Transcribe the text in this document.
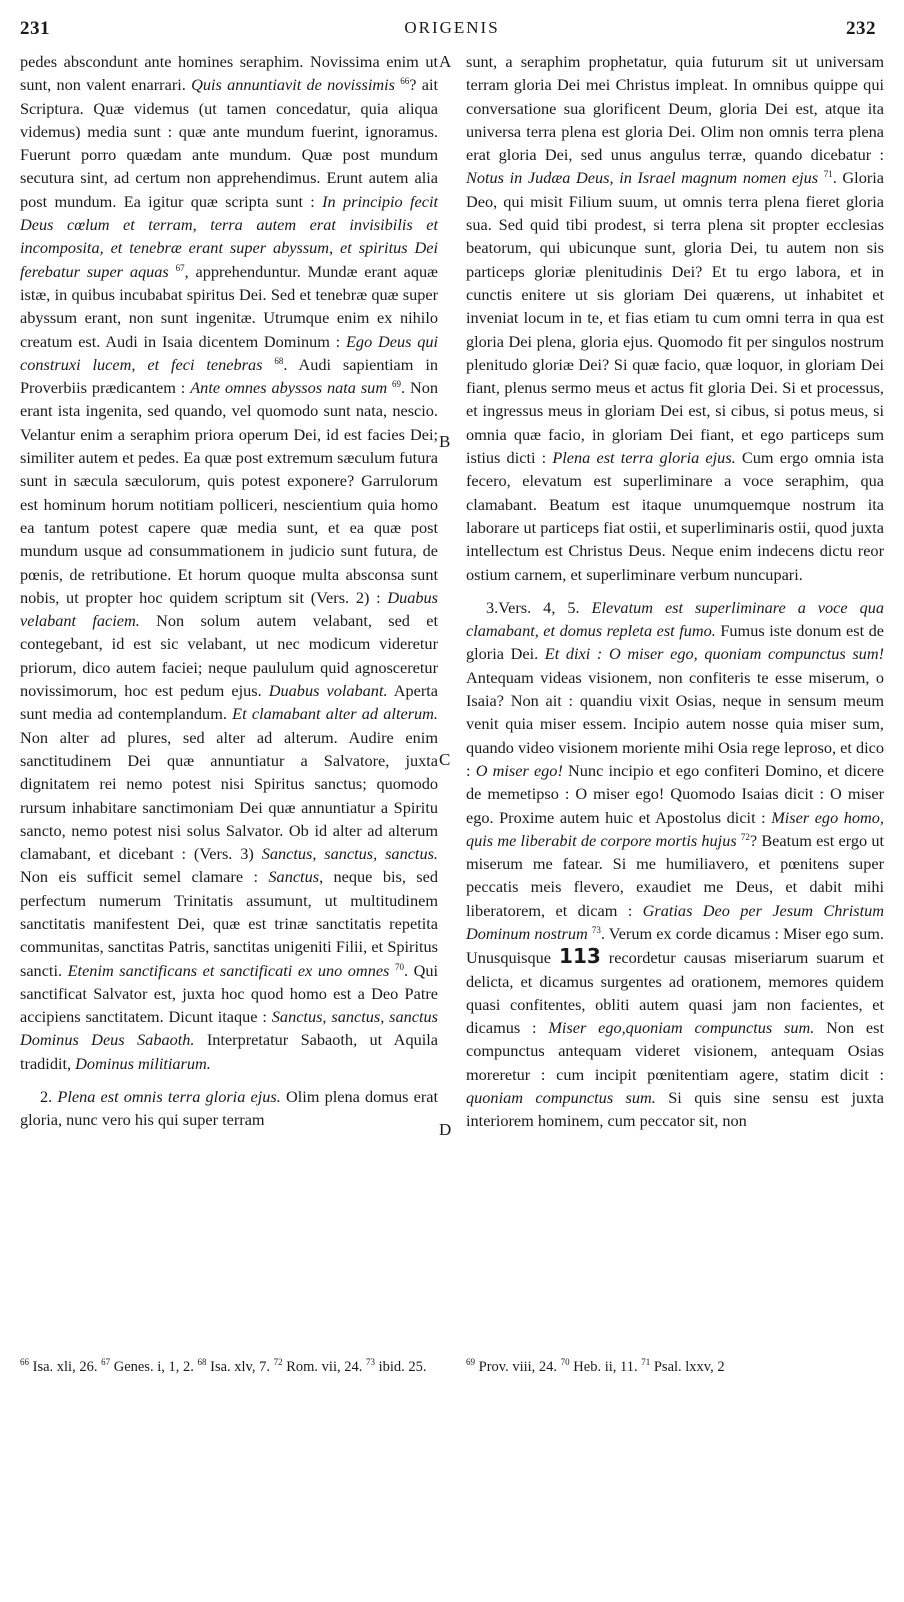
231	ORIGENIS	232

pedes abscondunt ante homines seraphim. Novissima enim ut sunt, non valent enarrari. Quis annuntiavit de novissimis $^{66}$? ait Scriptura. Quæ videmus (ut tamen concedatur, quia aliqua videmus) media sunt : quæ ante mundum fuerint, ignoramus. Fuerunt porro quædam ante mundum. Quæ post mundum secutura sint, ad certum non apprehendimus. Erunt autem alia post mundum. Ea igitur quæ scripta sunt : In principio fecit Deus cœlum et terram, terra autem erat invisibilis et incomposita, et tenebræ erant super abyssum, et spiritus Dei ferebatur super aquas $^{67}$, apprehenduntur. Mundæ erant aquæ istæ, in quibus incubabat spiritus Dei. Sed et tenebræ quæ super abyssum erant, non sunt ingenitæ. Utrumque enim ex nihilo creatum est. Audi in Isaia dicentem Dominum : Ego Deus qui construxi lucem, et feci tenebras $^{68}$. Audi sapientiam in Proverbiis prædicantem : Ante omnes abyssos nata sum $^{69}$. Non erant ista ingenita, sed quando, vel quomodo sunt nata, nescio. Velantur enim a seraphim priora operum Dei, id est facies Dei; similiter autem et pedes. Ea quæ post extremum sæculum futura sunt in sæcula sæculorum, quis potest exponere? Garrulorum est hominum horum notitiam polliceri, nescientium quia homo ea tantum potest capere quæ media sunt, et ea quæ post mundum usque ad consummationem in judicio sunt futura, de pœnis, de retributione. Et horum quoque multa absconsa sunt nobis, ut propter hoc quidem scriptum sit (Vers. 2) : Duabus velabant faciem. Non solum autem velabant, sed et contegebant, id est sic velabant, ut nec modicum videretur priorum, dico autem faciei; neque paululum quid agnosceretur novissimorum, hoc est pedum ejus. Duabus volabant. Aperta sunt media ad contemplandum. Et clamabant alter ad alterum. Non alter ad plures, sed alter ad alterum. Audire enim sanctitudinem Dei quæ annuntiatur a Salvatore, juxta dignitatem rei nemo potest nisi Spiritus sanctus; quomodo rursum inhabitare sanctimoniam Dei quæ annuntiatur a Spiritu sancto, nemo potest nisi solus Salvator. Ob id alter ad alterum clamabant, et dicebant : (Vers. 3) Sanctus, sanctus, sanctus. Non eis sufficit semel clamare : Sanctus, neque bis, sed perfectum numerum Trinitatis assumunt, ut multitudinem sanctitatis manifestent Dei, quæ est trinæ sanctitatis repetita communitas, sanctitas Patris, sanctitas unigeniti Filii, et Spiritus sancti. Etenim sanctificans et sanctificati ex uno omnes $^{70}$. Qui sanctificat Salvator est, juxta hoc quod homo est a Deo Patre accipiens sanctitatem. Dicunt itaque : Sanctus, sanctus, sanctus Dominus Deus Sabaoth. Interpretatur Sabaoth, ut Aquila tradidit, Dominus militiarum.

2. Plena est omnis terra gloria ejus. Olim plena domus erat gloria, nunc vero his qui super terram

sunt, a seraphim prophetatur, quia futurum sit ut universam terram gloria Dei mei Christus impleat. In omnibus quippe qui conversatione sua glorificent Deum, gloria Dei est, atque ita universa terra plena est gloria Dei. Olim non omnis terra plena erat gloria Dei, sed unus angulus terræ, quando dicebatur : Notus in Judæa Deus, in Israel magnum nomen ejus $^{71}$. Gloria Deo, qui misit Filium suum, ut omnis terra plena fieret gloria sua. Sed quid tibi prodest, si terra plena sit propter ecclesias beatorum, qui ubicunque sunt, gloria Dei, tu autem non sis particeps gloriæ plenitudinis Dei? Et tu ergo labora, et in cunctis enitere ut sis gloriam Dei quærens, ut inhabitet et inveniat locum in te, et fias etiam tu cum omni terra in qua est gloria Dei plena, gloria ejus. Quomodo fit per singulos nostrum plenitudo gloriæ Dei? Si quæ facio, quæ loquor, in gloriam Dei fiant, plenus sermo meus et actus fit gloria Dei. Si et processus, et ingressus meus in gloriam Dei est, si cibus, si potus meus, si omnia quæ facio, in gloriam Dei fiant, et ego particeps sum istius dicti : Plena est terra gloria ejus. Cum ergo omnia ista fecero, elevatum est superliminare a voce seraphim, qua clamabant. Beatum est itaque unumquemque nostrum ita laborare ut particeps fiat ostii, et superliminaris ostii, quod juxta intellectum est Christus Deus. Neque enim indecens dictu reor ostium carnem, et superliminare verbum nuncupari.

3.Vers. 4, 5. Elevatum est superliminare a voce qua clamabant, et domus repleta est fumo. Fumus iste donum est de gloria Dei. Et dixi : O miser ego, quoniam compunctus sum! Antequam videas visionem, non confiteris te esse miserum, o Isaia? Non ait : quandiu vixit Osias, neque in sensum meum venit quia miser essem. Incipio autem nosse quia miser sum, quando video visionem moriente mihi Osia rege leproso, et dico : O miser ego! Nunc incipio et ego confiteri Domino, et dicere de memetipso : O miser ego! Quomodo Isaias dicit : O miser ego. Proxime autem huic et Apostolus dicit : Miser ego homo, quis me liberabit de corpore mortis hujus $^{72}$? Beatum est ergo ut miserum me fatear. Si me humiliavero, et pœnitens super peccatis meis flevero, exaudiet me Deus, et dabit mihi liberatorem, et dicam : Gratias Deo per Jesum Christum Dominum nostrum $^{73}$. Verum ex corde dicamus : Miser ego sum. Unusquisque 113 recordetur causas miseriarum suarum et delicta, et dicamus surgentes ad orationem, memores quidem quasi confitentes, obliti autem quasi jam non facientes, et dicamus : Miser ego,quoniam compunctus sum. Non est compunctus antequam videret visionem, antequam Osias moreretur : cum incipit pœnitentiam agere, statim dicit : quoniam compunctus sum. Si quis sine sensu est juxta interiorem hominem, cum peccator sit, non

A
B
C
D
$^{66}$ Isa. xli, 26. $^{67}$ Genes. i, 1, 2. $^{68}$ Isa. xlv, 7. $^{72}$ Rom. vii, 24. $^{73}$ ibid. 25.	$^{69}$ Prov. viii, 24. $^{70}$ Heb. ii, 11. $^{71}$ Psal. lxxv, 2
